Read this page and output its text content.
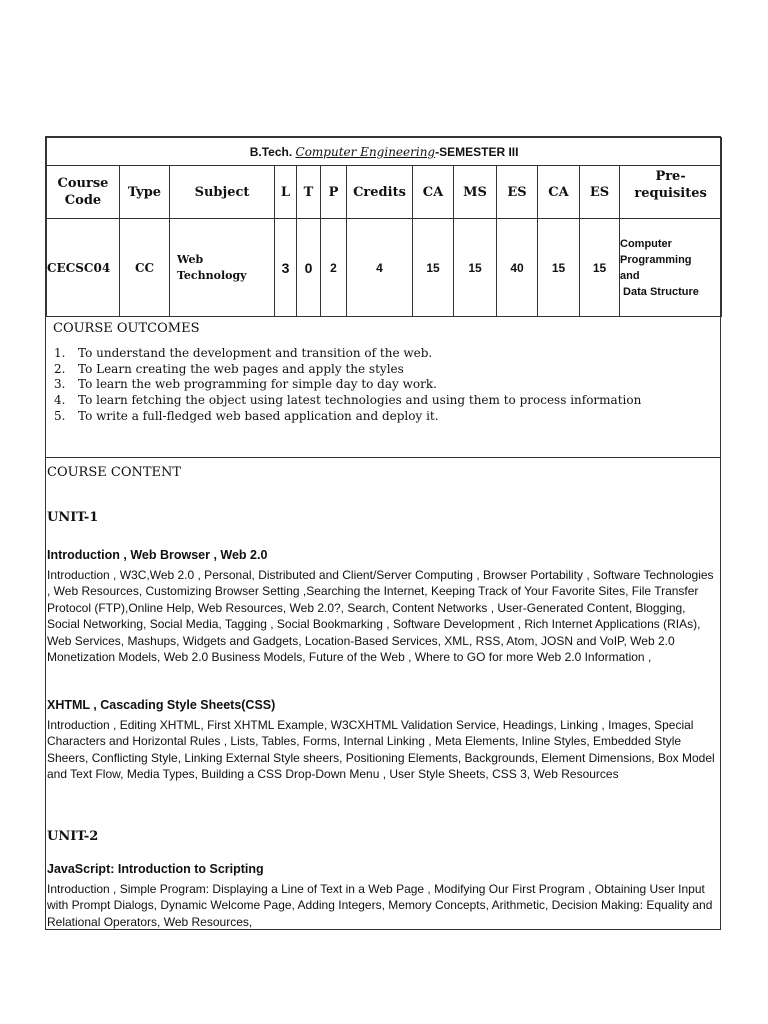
B.Tech. Computer Engineering-SEMESTER III												
Course
Code	Type	Subject	L	T	P	Credits	CA	MS	ES	CA	ES	Pre-
requisites
CECSC04	CC	Web
Technology	3	0	2	4	15	15	40	15	15	Computer
Programming
and
Data Structure
COURSE OUTCOMES
1. To understand the development and transition of the web.
2. To Learn creating the web pages and apply the styles
3. To learn the web programming for simple day to day work.
4. To learn fetching the object using latest technologies and using them to process information
5. To write a full-fledged web based application and deploy it.
COURSE CONTENT
UNIT-1
Introduction , Web Browser , Web 2.0

Introduction , W3C,Web 2.0 , Personal, Distributed and Client/Server Computing , Browser Portability , Software Technologies , Web Resources, Customizing Browser Setting ,Searching the Internet, Keeping Track of Your Favorite Sites, File Transfer Protocol (FTP),Online Help, Web Resources, Web 2.0?, Search, Content Networks , User-Generated Content, Blogging, Social Networking, Social Media, Tagging , Social Bookmarking , Software Development , Rich Internet Applications (RIAs), Web Services, Mashups, Widgets and Gadgets, Location-Based Services, XML, RSS, Atom, JOSN and VoIP, Web 2.0 Monetization Models, Web 2.0 Business Models, Future of the Web , Where to GO for more Web 2.0 Information ,

XHTML , Cascading Style Sheets(CSS)

Introduction , Editing XHTML, First XHTML Example, W3CXHTML Validation Service, Headings, Linking , Images, Special Characters and Horizontal Rules , Lists, Tables, Forms, Internal Linking , Meta Elements, Inline Styles, Embedded Style Sheers, Conflicting Style, Linking External Style sheers, Positioning Elements, Backgrounds, Element Dimensions, Box Model and Text Flow, Media Types, Building a CSS Drop-Down Menu , User Style Sheets, CSS 3, Web Resources

UNIT-2
JavaScript: Introduction to Scripting

Introduction , Simple Program: Displaying a Line of Text in a Web Page , Modifying Our First Program , Obtaining User Input with Prompt Dialogs, Dynamic Welcome Page, Adding Integers, Memory Concepts, Arithmetic, Decision Making: Equality and Relational Operators, Web Resources,
